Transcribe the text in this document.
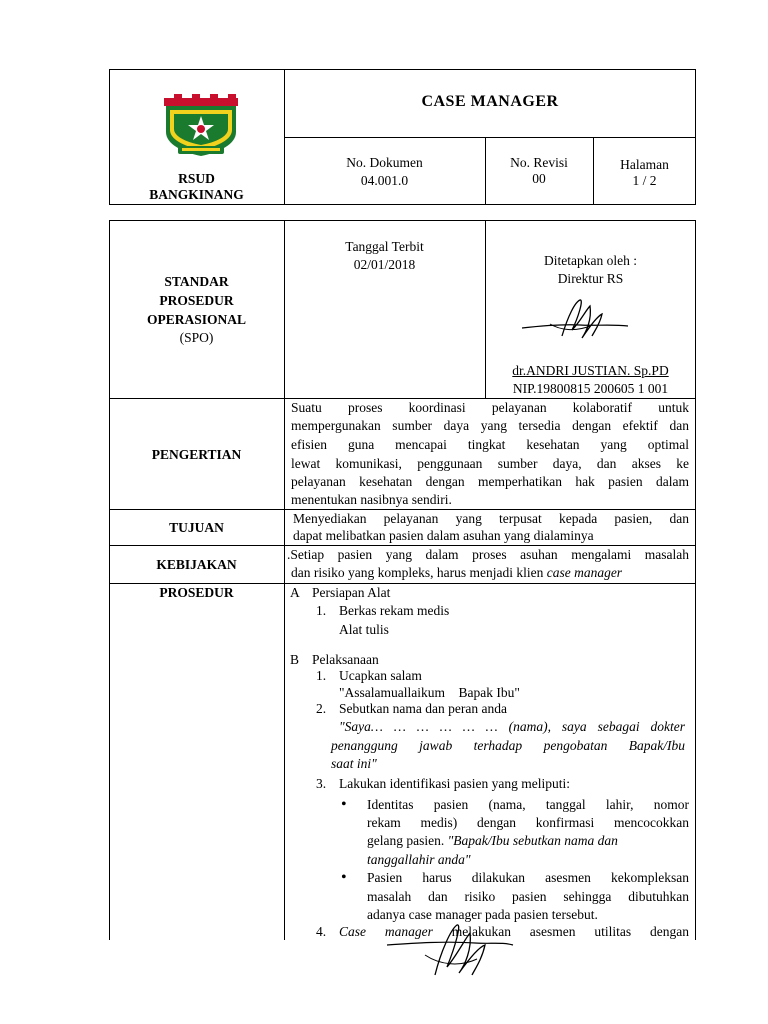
RSUD
BANGKINANG
CASE MANAGER
No. Dokumen
04.001.0
No. Revisi
00
Halaman
1 / 2
STANDAR
PROSEDUR
OPERASIONAL
(SPO)
Tanggal Terbit
02/01/2018	Ditetapkan oleh :
Direktur RS
dr.ANDRI JUSTIAN. Sp.PD
NIP.19800815 200605 1 001
PENGERTIAN
Suatu proses koordinasi pelayanan kolaboratif untuk
mempergunakan sumber daya yang tersedia dengan efektif dan
efisien guna mencapai tingkat kesehatan yang optimal
lewat komunikasi, penggunaan sumber daya, dan akses ke
pelayanan kesehatan dengan memperhatikan hak pasien dalam
menentukan nasibnya sendiri.
TUJUAN
Menyediakan pelayanan yang terpusat kepada pasien, dan
dapat melibatkan pasien dalam asuhan yang dialaminya
KEBIJAKAN
.Setiap pasien yang dalam proses asuhan mengalami masalah
dan risiko yang kompleks, harus menjadi klien case manager
PROSEDUR	A Persiapan Alat
1. Berkas rekam medis
Alat tulis
B Pelaksanaan
1. Ucapkan salam
"Assalamuallaikum    Bapak Ibu"
2. Sebutkan nama dan peran anda
"Saya… … … … … … (nama), saya sebagai dokter
penanggung jawab terhadap pengobatan Bapak/Ibu
saat ini"
3. Lakukan identifikasi pasien yang meliputi:
• Identitas pasien (nama, tanggal lahir, nomor
rekam medis) dengan konfirmasi mencocokkan
gelang pasien. "Bapak/Ibu sebutkan nama dan
tanggallahir anda"
• Pasien harus dilakukan asesmen kekompleksan
masalah dan risiko pasien sehingga dibutuhkan
adanya case manager pada pasien tersebut.
4. Case manager melakukan asesmen utilitas dengan
